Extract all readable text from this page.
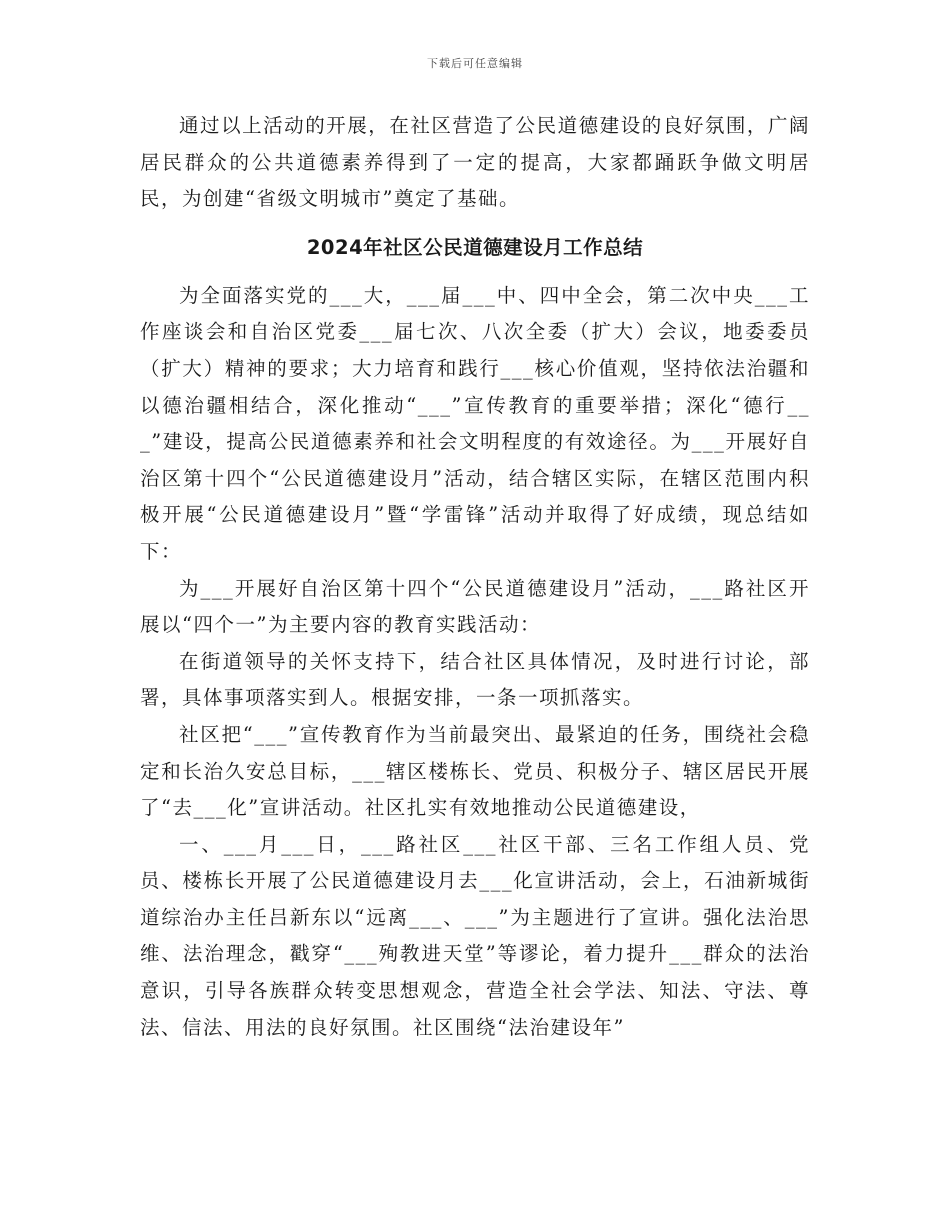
下载后可任意编辑

通过以上活动的开展，在社区营造了公民道德建设的良好氛围，广阔居民群众的公共道德素养得到了一定的提高，大家都踊跃争做文明居民，为创建“省级文明城市”奠定了基础。

2024年社区公民道德建设月工作总结

为全面落实党的___大，___届___中、四中全会，第二次中央___工作座谈会和自治区党委___届七次、八次全委（扩大）会议，地委委员（扩大）精神的要求；大力培育和践行___核心价值观，坚持依法治疆和以德治疆相结合，深化推动“___”宣传教育的重要举措；深化“德行___”建设，提高公民道德素养和社会文明程度的有效途径。为___开展好自治区第十四个“公民道德建设月”活动，结合辖区实际，在辖区范围内积极开展“公民道德建设月”暨“学雷锋”活动并取得了好成绩，现总结如下：

为___开展好自治区第十四个“公民道德建设月”活动，___路社区开展以“四个一”为主要内容的教育实践活动：

在街道领导的关怀支持下，结合社区具体情况，及时进行讨论，部署，具体事项落实到人。根据安排，一条一项抓落实。

社区把“___”宣传教育作为当前最突出、最紧迫的任务，围绕社会稳定和长治久安总目标，___辖区楼栋长、党员、积极分子、辖区居民开展了“去___化”宣讲活动。社区扎实有效地推动公民道德建设，

一、___月___日，___路社区___社区干部、三名工作组人员、党员、楼栋长开展了公民道德建设月去___化宣讲活动，会上，石油新城街道综治办主任吕新东以“远离___、___”为主题进行了宣讲。强化法治思维、法治理念，戳穿“___殉教进天堂”等谬论，着力提升___群众的法治意识，引导各族群众转变思想观念，营造全社会学法、知法、守法、尊法、信法、用法的良好氛围。社区围绕“法治建设年”
